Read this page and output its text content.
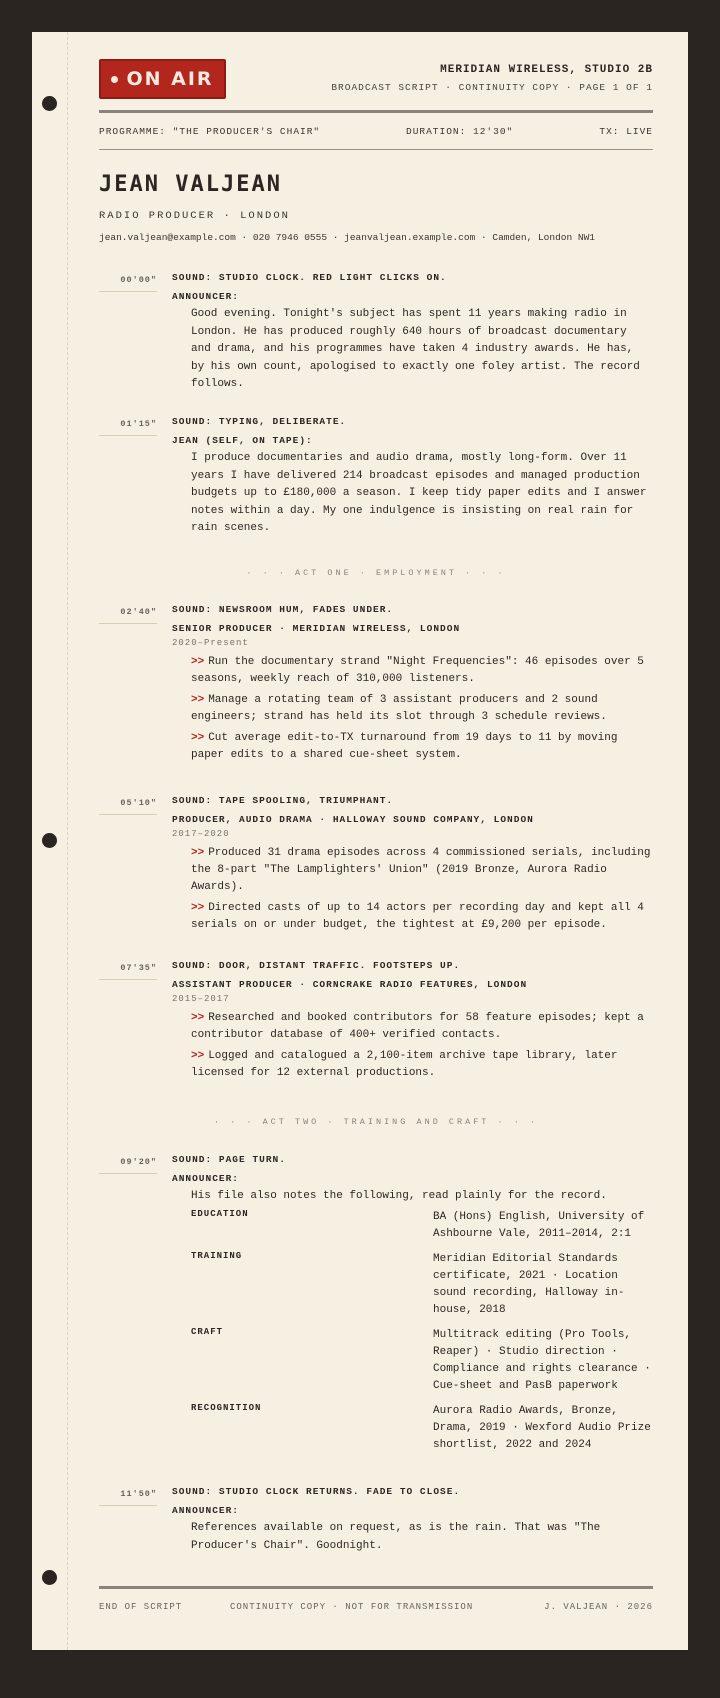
ON AIR	MERIDIAN WIRELESS, STUDIO 2B
BROADCAST SCRIPT · CONTINUITY COPY · PAGE 1 OF 1
PROGRAMME: "THE PRODUCER'S CHAIR"	DURATION: 12'30"	TX: LIVE
JEAN VALJEAN
RADIO PRODUCER · LONDON
jean.valjean@example.com · 020 7946 0555 · jeanvaljean.example.com · Camden, London NW1
00'00" SOUND: STUDIO CLOCK. RED LIGHT CLICKS ON.
ANNOUNCER:
Good evening. Tonight's subject has spent 11 years making radio in London. He has produced roughly 640 hours of broadcast documentary and drama, and his programmes have taken 4 industry awards. He has, by his own count, apologised to exactly one foley artist. The record follows.
01'15" SOUND: TYPING, DELIBERATE.
JEAN (SELF, ON TAPE):
I produce documentaries and audio drama, mostly long-form. Over 11 years I have delivered 214 broadcast episodes and managed production budgets up to £180,000 a season. I keep tidy paper edits and I answer notes within a day. My one indulgence is insisting on real rain for rain scenes.
· · · ACT ONE · EMPLOYMENT · · ·
02'40" SOUND: NEWSROOM HUM, FADES UNDER.
SENIOR PRODUCER · MERIDIAN WIRELESS, LONDON
2020–Present
>> Run the documentary strand "Night Frequencies": 46 episodes over 5 seasons, weekly reach of 310,000 listeners.
>> Manage a rotating team of 3 assistant producers and 2 sound engineers; strand has held its slot through 3 schedule reviews.
>> Cut average edit-to-TX turnaround from 19 days to 11 by moving paper edits to a shared cue-sheet system.
05'10" SOUND: TAPE SPOOLING, TRIUMPHANT.
PRODUCER, AUDIO DRAMA · HALLOWAY SOUND COMPANY, LONDON
2017–2020
>> Produced 31 drama episodes across 4 commissioned serials, including the 8-part "The Lamplighters' Union" (2019 Bronze, Aurora Radio Awards).
>> Directed casts of up to 14 actors per recording day and kept all 4 serials on or under budget, the tightest at £9,200 per episode.
07'35" SOUND: DOOR, DISTANT TRAFFIC. FOOTSTEPS UP.
ASSISTANT PRODUCER · CORNCRAKE RADIO FEATURES, LONDON
2015–2017
>> Researched and booked contributors for 58 feature episodes; kept a contributor database of 400+ verified contacts.
>> Logged and catalogued a 2,100-item archive tape library, later licensed for 12 external productions.
· · · ACT TWO · TRAINING AND CRAFT · · ·
09'20" SOUND: PAGE TURN.
ANNOUNCER:
His file also notes the following, read plainly for the record.
EDUCATION	BA (Hons) English, University of Ashbourne Vale, 2011–2014, 2:1
TRAINING	Meridian Editorial Standards certificate, 2021 · Location sound recording, Halloway in-house, 2018
CRAFT	Multitrack editing (Pro Tools, Reaper) · Studio direction · Compliance and rights clearance · Cue-sheet and PasB paperwork
RECOGNITION	Aurora Radio Awards, Bronze, Drama, 2019 · Wexford Audio Prize shortlist, 2022 and 2024
11'50" SOUND: STUDIO CLOCK RETURNS. FADE TO CLOSE.
ANNOUNCER:
References available on request, as is the rain. That was "The Producer's Chair". Goodnight.
END OF SCRIPT	CONTINUITY COPY · NOT FOR TRANSMISSION	J. VALJEAN · 2026
